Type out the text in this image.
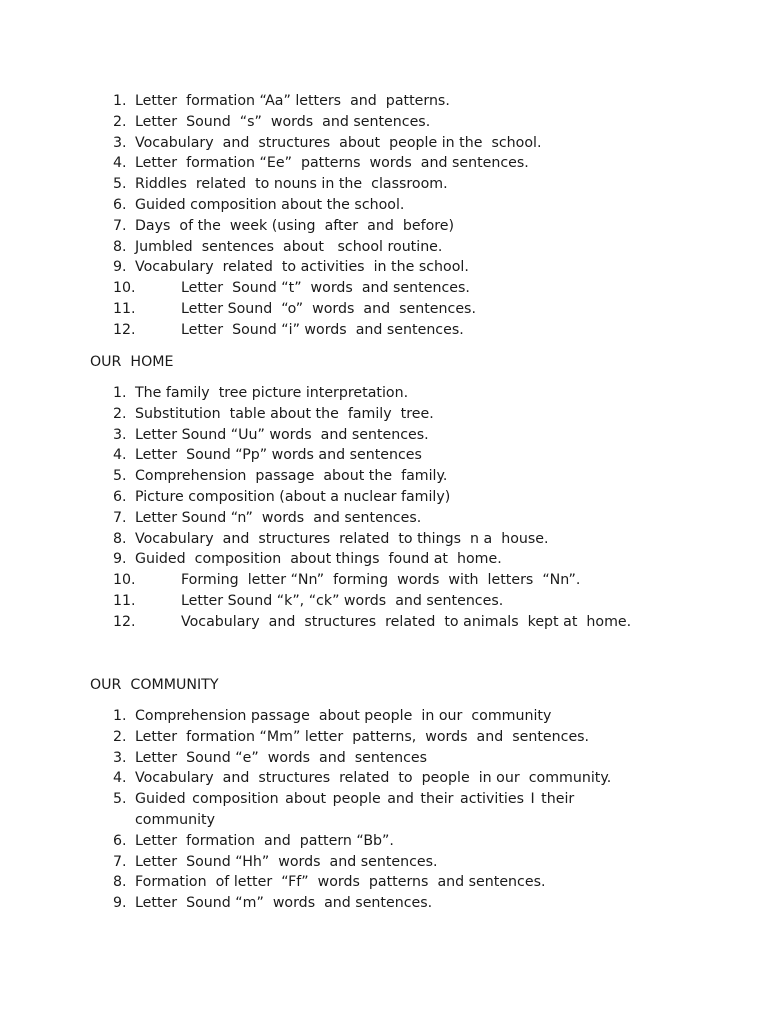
1. Letter  formation “Aa” letters  and  patterns.
2. Letter  Sound  “s”  words  and sentences.
3. Vocabulary  and  structures  about  people in the  school.
4. Letter  formation “Ee”  patterns  words  and sentences.
5. Riddles  related  to nouns in the  classroom.
6. Guided composition about the school.
7. Days  of the  week (using  after  and  before)
8. Jumbled  sentences  about   school routine.
9. Vocabulary  related  to activities  in the school.
10.	Letter  Sound “t”  words  and sentences.
11.	Letter Sound  “o”  words  and  sentences.
12.	Letter  Sound “i” words  and sentences.
OUR  HOME
1. The family  tree picture interpretation.
2. Substitution  table about the  family  tree.
3. Letter Sound “Uu” words  and sentences.
4. Letter  Sound “Pp” words and sentences
5. Comprehension  passage  about the  family.
6. Picture composition (about a nuclear family)
7. Letter Sound “n”  words  and sentences.
8. Vocabulary  and  structures  related  to things  n a  house.
9. Guided  composition  about things  found at  home.
10.	Forming  letter “Nn”  forming  words  with  letters  “Nn”.
11.	Letter Sound “k”, “ck” words  and sentences.
12.	Vocabulary  and  structures  related  to animals  kept at  home.
OUR  COMMUNITY
1. Comprehension passage  about people  in our  community
2. Letter  formation “Mm” letter  patterns,  words  and  sentences.
3. Letter  Sound “e”  words  and  sentences
4. Vocabulary  and  structures  related  to  people  in our  community.
5. Guided composition about people and their activities I their community
6. Letter  formation  and  pattern “Bb”.
7. Letter  Sound “Hh”  words  and sentences.
8. Formation  of letter  “Ff”  words  patterns  and sentences.
9. Letter  Sound “m”  words  and sentences.
